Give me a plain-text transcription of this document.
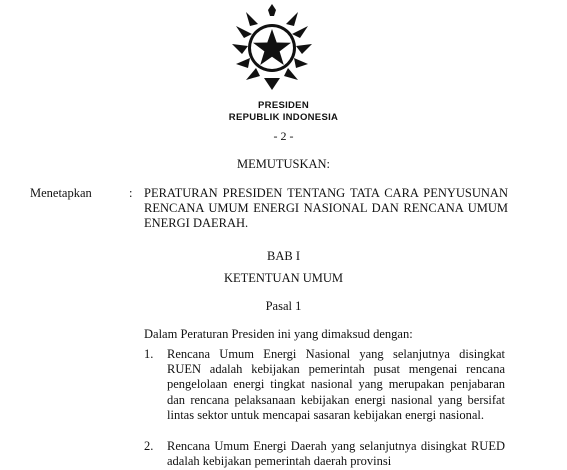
PRESIDEN
REPUBLIK INDONESIA
- 2 -
MEMUTUSKAN:
Menetapkan	: PERATURAN PRESIDEN TENTANG TATA CARA PENYUSUNAN RENCANA UMUM ENERGI NASIONAL DAN RENCANA UMUM ENERGI DAERAH.

BAB I
KETENTUAN UMUM
Pasal 1
Dalam Peraturan Presiden ini yang dimaksud dengan:
1. Rencana Umum Energi Nasional yang selanjutnya disingkat RUEN adalah kebijakan pemerintah pusat mengenai rencana pengelolaan energi tingkat nasional yang merupakan penjabaran dan rencana pelaksanaan kebijakan energi nasional yang bersifat lintas sektor untuk mencapai sasaran kebijakan energi nasional.

2. Rencana Umum Energi Daerah yang selanjutnya disingkat RUED adalah kebijakan pemerintah daerah provinsi
